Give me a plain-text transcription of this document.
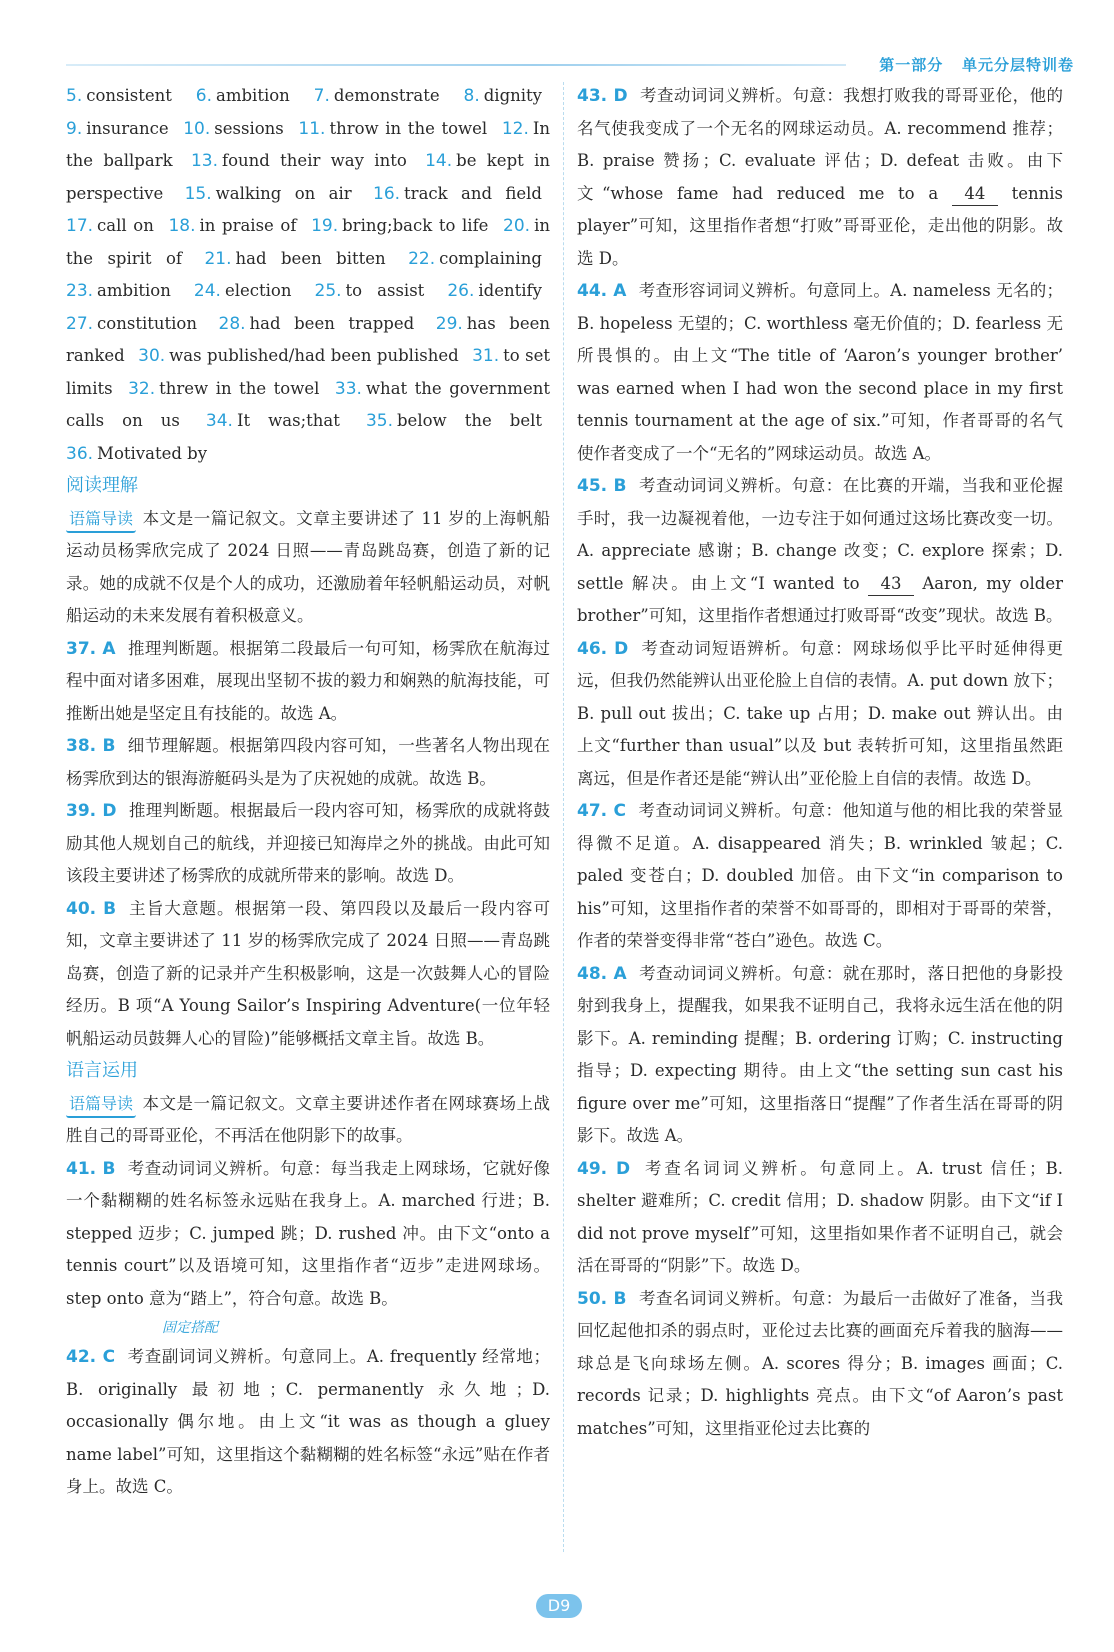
第一部分 单元分层特训卷

5. consistent 6. ambition 7. demonstrate 8. dignity 9. insurance 10. sessions 11. throw in the towel 12. In the ballpark 13. found their way into 14. be kept in perspective 15. walking on air 16. track and field 17. call on 18. in praise of 19. bring;back to life 20. in the spirit of 21. had been bitten 22. complaining 23. ambition 24. election 25. to assist 26. identify 27. constitution 28. had been trapped 29. has been ranked 30. was published/had been published 31. to set limits 32. threw in the towel 33. what the government calls on us 34. It was;that 35. below the belt 36. Motivated by

阅读理解

语篇导读 本文是一篇记叙文。文章主要讲述了 11 岁的上海帆船运动员杨霁欣完成了 2024 日照——青岛跳岛赛，创造了新的记录。她的成就不仅是个人的成功，还激励着年轻帆船运动员，对帆船运动的未来发展有着积极意义。

37. A 推理判断题。根据第二段最后一句可知，杨霁欣在航海过程中面对诸多困难，展现出坚韧不拔的毅力和娴熟的航海技能，可推断出她是坚定且有技能的。故选 A。

38. B 细节理解题。根据第四段内容可知，一些著名人物出现在杨霁欣到达的银海游艇码头是为了庆祝她的成就。故选 B。

39. D 推理判断题。根据最后一段内容可知，杨霁欣的成就将鼓励其他人规划自己的航线，并迎接已知海岸之外的挑战。由此可知该段主要讲述了杨霁欣的成就所带来的影响。故选 D。

40. B 主旨大意题。根据第一段、第四段以及最后一段内容可知，文章主要讲述了 11 岁的杨霁欣完成了 2024 日照——青岛跳岛赛，创造了新的记录并产生积极影响，这是一次鼓舞人心的冒险经历。B 项“A Young Sailor’s Inspiring Adventure(一位年轻帆船运动员鼓舞人心的冒险)”能够概括文章主旨。故选 B。

语言运用

语篇导读 本文是一篇记叙文。文章主要讲述作者在网球赛场上战胜自己的哥哥亚伦，不再活在他阴影下的故事。

41. B 考查动词词义辨析。句意：每当我走上网球场，它就好像一个黏糊糊的姓名标签永远贴在我身上。A. marched 行进；B. stepped 迈步；C. jumped 跳；D. rushed 冲。由下文“onto a tennis court”以及语境可知，这里指作者“迈步”走进网球场。step onto 意为“踏上”，符合句意。故选 B。

固定搭配

42. C 考查副词词义辨析。句意同上。A. frequently 经常地；B. originally 最初地；C. permanently 永久地；D. occasionally 偶尔地。由上文“it was as though a gluey name label”可知，这里指这个黏糊糊的姓名标签“永远”贴在作者身上。故选 C。

43. D 考查动词词义辨析。句意：我想打败我的哥哥亚伦，他的名气使我变成了一个无名的网球运动员。A. recommend 推荐；B. praise 赞扬；C. evaluate 评估；D. defeat 击败。由下文“whose fame had reduced me to a 44 tennis player”可知，这里指作者想“打败”哥哥亚伦，走出他的阴影。故选 D。

44. A 考查形容词词义辨析。句意同上。A. nameless 无名的；B. hopeless 无望的；C. worthless 毫无价值的；D. fearless 无所畏惧的。由上文“The title of ‘Aaron’s younger brother’ was earned when I had won the second place in my first tennis tournament at the age of six.”可知，作者哥哥的名气使作者变成了一个“无名的”网球运动员。故选 A。

45. B 考查动词词义辨析。句意：在比赛的开端，当我和亚伦握手时，我一边凝视着他，一边专注于如何通过这场比赛改变一切。A. appreciate 感谢；B. change 改变；C. explore 探索；D. settle 解决。由上文“I wanted to 43 Aaron, my older brother”可知，这里指作者想通过打败哥哥“改变”现状。故选 B。

46. D 考查动词短语辨析。句意：网球场似乎比平时延伸得更远，但我仍然能辨认出亚伦脸上自信的表情。A. put down 放下；B. pull out 拔出；C. take up 占用；D. make out 辨认出。由上文“further than usual”以及 but 表转折可知，这里指虽然距离远，但是作者还是能“辨认出”亚伦脸上自信的表情。故选 D。

47. C 考查动词词义辨析。句意：他知道与他的相比我的荣誉显得微不足道。A. disappeared 消失；B. wrinkled 皱起；C. paled 变苍白；D. doubled 加倍。由下文“in comparison to his”可知，这里指作者的荣誉不如哥哥的，即相对于哥哥的荣誉，作者的荣誉变得非常“苍白”逊色。故选 C。

48. A 考查动词词义辨析。句意：就在那时，落日把他的身影投射到我身上，提醒我，如果我不证明自己，我将永远生活在他的阴影下。A. reminding 提醒；B. ordering 订购；C. instructing 指导；D. expecting 期待。由上文“the setting sun cast his figure over me”可知，这里指落日“提醒”了作者生活在哥哥的阴影下。故选 A。

49. D 考查名词词义辨析。句意同上。A. trust 信任；B. shelter 避难所；C. credit 信用；D. shadow 阴影。由下文“if I did not prove myself”可知，这里指如果作者不证明自己，就会活在哥哥的“阴影”下。故选 D。

50. B 考查名词词义辨析。句意：为最后一击做好了准备，当我回忆起他扣杀的弱点时，亚伦过去比赛的画面充斥着我的脑海——球总是飞向球场左侧。A. scores 得分；B. images 画面；C. records 记录；D. highlights 亮点。由下文“of Aaron’s past matches”可知，这里指亚伦过去比赛的

D9
